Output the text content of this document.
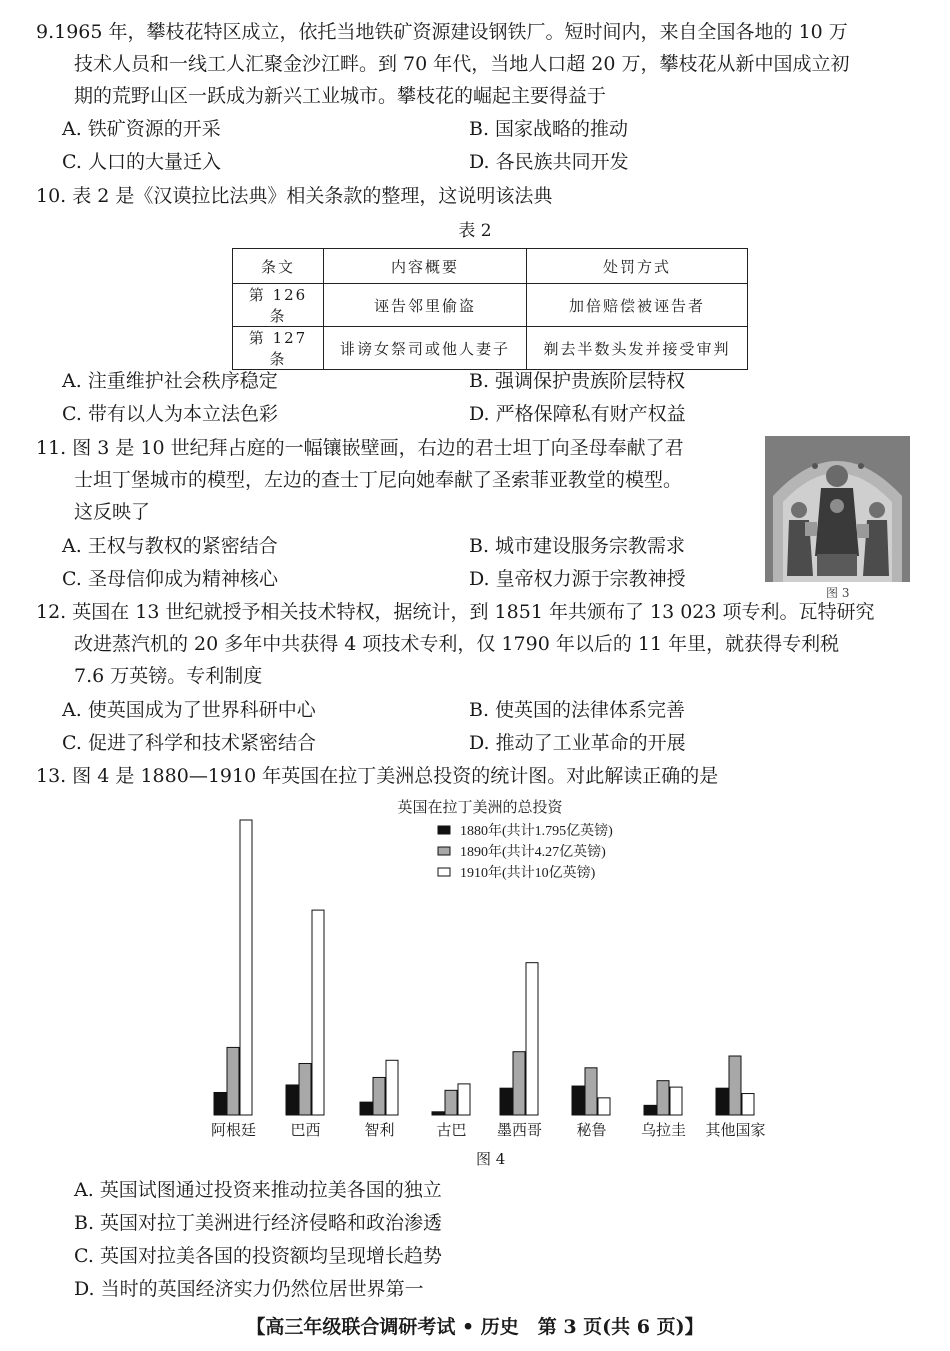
9.1965 年，攀枝花特区成立，依托当地铁矿资源建设钢铁厂。短时间内，来自全国各地的 10 万
技术人员和一线工人汇聚金沙江畔。到 70 年代，当地人口超 20 万，攀枝花从新中国成立初
期的荒野山区一跃成为新兴工业城市。攀枝花的崛起主要得益于
A. 铁矿资源的开采	B. 国家战略的推动
C. 人口的大量迁入	D. 各民族共同开发
10. 表 2 是《汉谟拉比法典》相关条款的整理，这说明该法典
表 2
条文	内容概要	处罚方式
第 126 条	诬告邻里偷盗	加倍赔偿被诬告者
第 127 条	诽谤女祭司或他人妻子	剃去半数头发并接受审判
A. 注重维护社会秩序稳定	B. 强调保护贵族阶层特权
C. 带有以人为本立法色彩	D. 严格保障私有财产权益
11. 图 3 是 10 世纪拜占庭的一幅镶嵌壁画，右边的君士坦丁向圣母奉献了君
士坦丁堡城市的模型，左边的查士丁尼向她奉献了圣索菲亚教堂的模型。
这反映了
图 3
A. 王权与教权的紧密结合	B. 城市建设服务宗教需求
C. 圣母信仰成为精神核心	D. 皇帝权力源于宗教神授
12. 英国在 13 世纪就授予相关技术特权，据统计，到 1851 年共颁布了 13 023 项专利。瓦特研究
改进蒸汽机的 20 多年中共获得 4 项技术专利，仅 1790 年以后的 11 年里，就获得专利税
7.6 万英镑。专利制度
A. 使英国成为了世界科研中心	B. 使英国的法律体系完善
C. 促进了科学和技术紧密结合	D. 推动了工业革命的开展
13. 图 4 是 1880—1910 年英国在拉丁美洲总投资的统计图。对此解读正确的是
英国在拉丁美洲的总投资
阿根廷 巴西	智利	古巴 墨西哥 秘鲁 乌拉圭 其他国家
1880年(共计1.795亿英镑)
1890年(共计4.27亿英镑)
1910年(共计10亿英镑)
图 4
A. 英国试图通过投资来推动拉美各国的独立
B. 英国对拉丁美洲进行经济侵略和政治渗透
C. 英国对拉美各国的投资额均呈现增长趋势
D. 当时的英国经济实力仍然位居世界第一
【高三年级联合调研考试 • 历史　第 3 页(共 6 页)】
